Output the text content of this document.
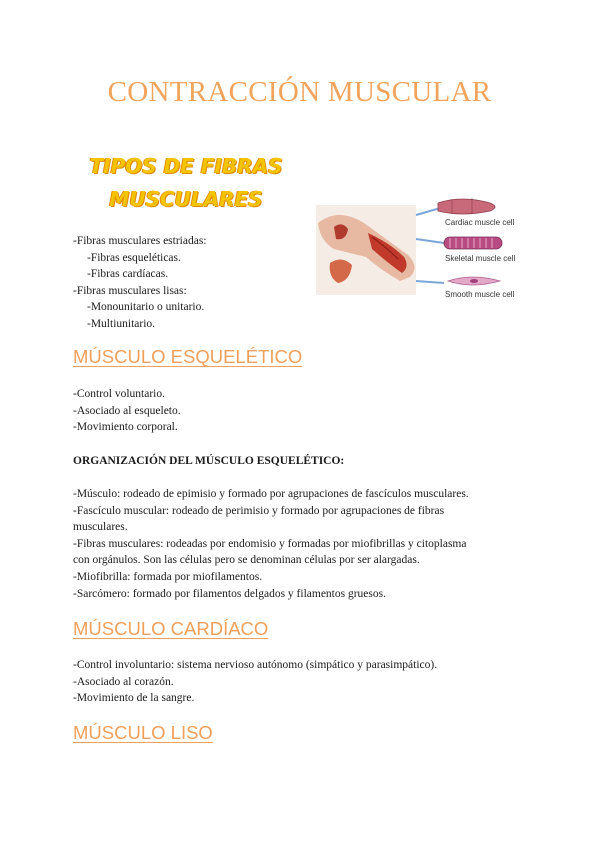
CONTRACCIÓN MUSCULAR
TIPOS DE FIBRAS
MUSCULARES
-Fibras musculares estriadas:
-Fibras esqueléticas.
-Fibras cardíacas.
-Fibras musculares lisas:
-Monounitario o unitario.
-Multiunitario.
Cardiac muscle cell
Skeletal muscle cell
Smooth muscle cell
MÚSCULO ESQUELÉTICO
-Control voluntario.
-Asociado al esqueleto.
-Movimiento corporal.

ORGANIZACIÓN DEL MÚSCULO ESQUELÉTICO:

-Músculo: rodeado de epimisio y formado por agrupaciones de fascículos musculares.
-Fascículo muscular: rodeado de perimisio y formado por agrupaciones de fibras
musculares.
-Fibras musculares: rodeadas por endomisio y formadas por miofibrillas y citoplasma
con orgánulos. Son las células pero se denominan células por ser alargadas.
-Miofibrilla: formada por miofilamentos.
-Sarcómero: formado por filamentos delgados y filamentos gruesos.
MÚSCULO CARDÍACO
-Control involuntario: sistema nervioso autónomo (simpático y parasimpático).
-Asociado al corazón.
-Movimiento de la sangre.
MÚSCULO LISO
